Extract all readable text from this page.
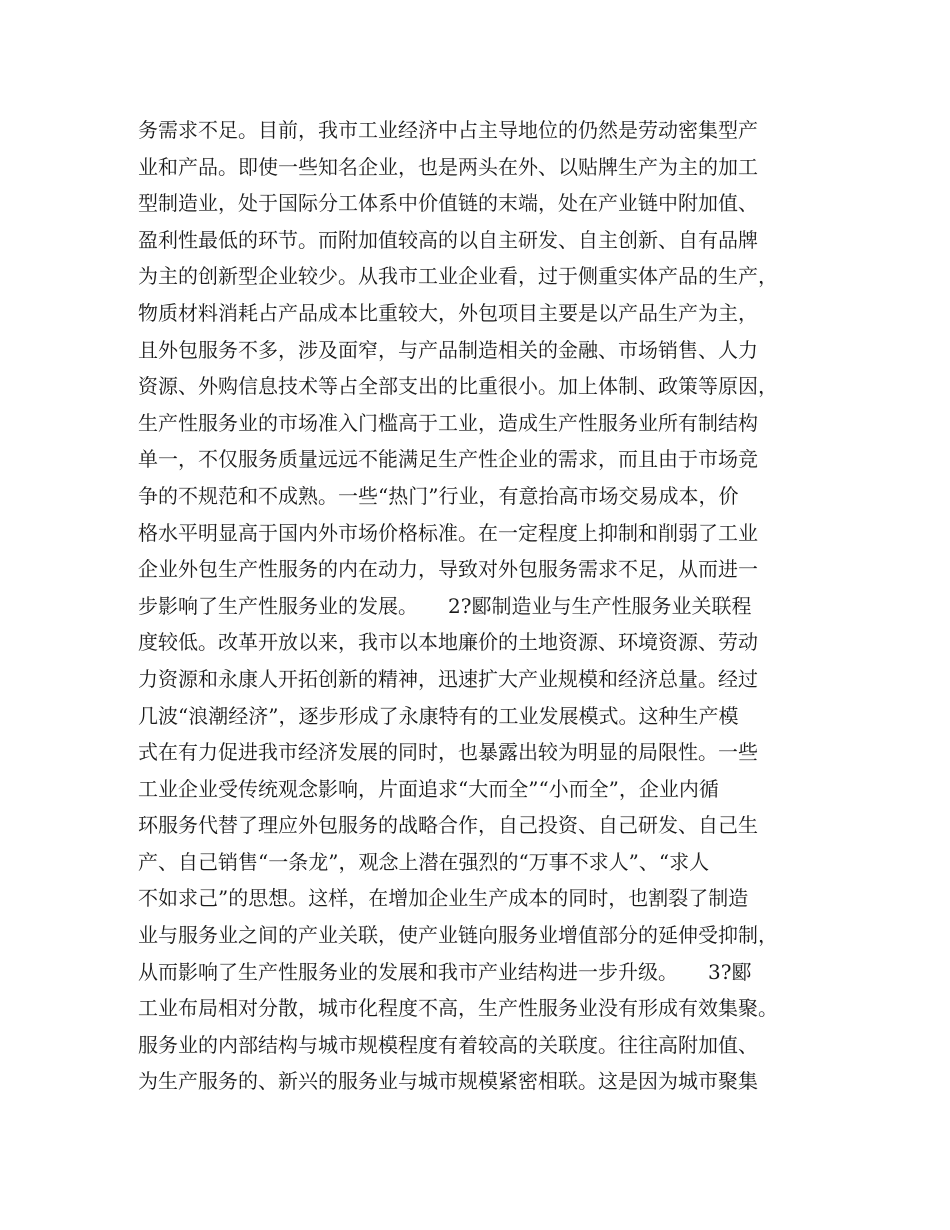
务需求不足。目前，我市工业经济中占主导地位的仍然是劳动密集型产
业和产品。即使一些知名企业，也是两头在外、以贴牌生产为主的加工
型制造业，处于国际分工体系中价值链的末端，处在产业链中附加值、
盈利性最低的环节。而附加值较高的以自主研发、自主创新、自有品牌
为主的创新型企业较少。从我市工业企业看，过于侧重实体产品的生产，
物质材料消耗占产品成本比重较大，外包项目主要是以产品生产为主，
且外包服务不多，涉及面窄，与产品制造相关的金融、市场销售、人力
资源、外购信息技术等占全部支出的比重很小。加上体制、政策等原因，
生产性服务业的市场准入门槛高于工业，造成生产性服务业所有制结构
单一，不仅服务质量远远不能满足生产性企业的需求，而且由于市场竞
争的不规范和不成熟。一些“热门”行业，有意抬高市场交易成本，价
格水平明显高于国内外市场价格标准。在一定程度上抑制和削弱了工业
企业外包生产性服务的内在动力，导致对外包服务需求不足，从而进一
步影响了生产性服务业的发展。　　2?郾制造业与生产性服务业关联程
度较低。改革开放以来，我市以本地廉价的土地资源、环境资源、劳动
力资源和永康人开拓创新的精神，迅速扩大产业规模和经济总量。经过
几波“浪潮经济”，逐步形成了永康特有的工业发展模式。这种生产模
式在有力促进我市经济发展的同时，也暴露出较为明显的局限性。一些
工业企业受传统观念影响，片面追求“大而全”“小而全”，企业内循
环服务代替了理应外包服务的战略合作，自己投资、自己研发、自己生
产、自己销售“一条龙”，观念上潜在强烈的“万事不求人”、“求人
不如求己”的思想。这样，在增加企业生产成本的同时，也割裂了制造
业与服务业之间的产业关联，使产业链向服务业增值部分的延伸受抑制，
从而影响了生产性服务业的发展和我市产业结构进一步升级。　　3?郾
工业布局相对分散，城市化程度不高，生产性服务业没有形成有效集聚。
服务业的内部结构与城市规模程度有着较高的关联度。往往高附加值、
为生产服务的、新兴的服务业与城市规模紧密相联。这是因为城市聚集
